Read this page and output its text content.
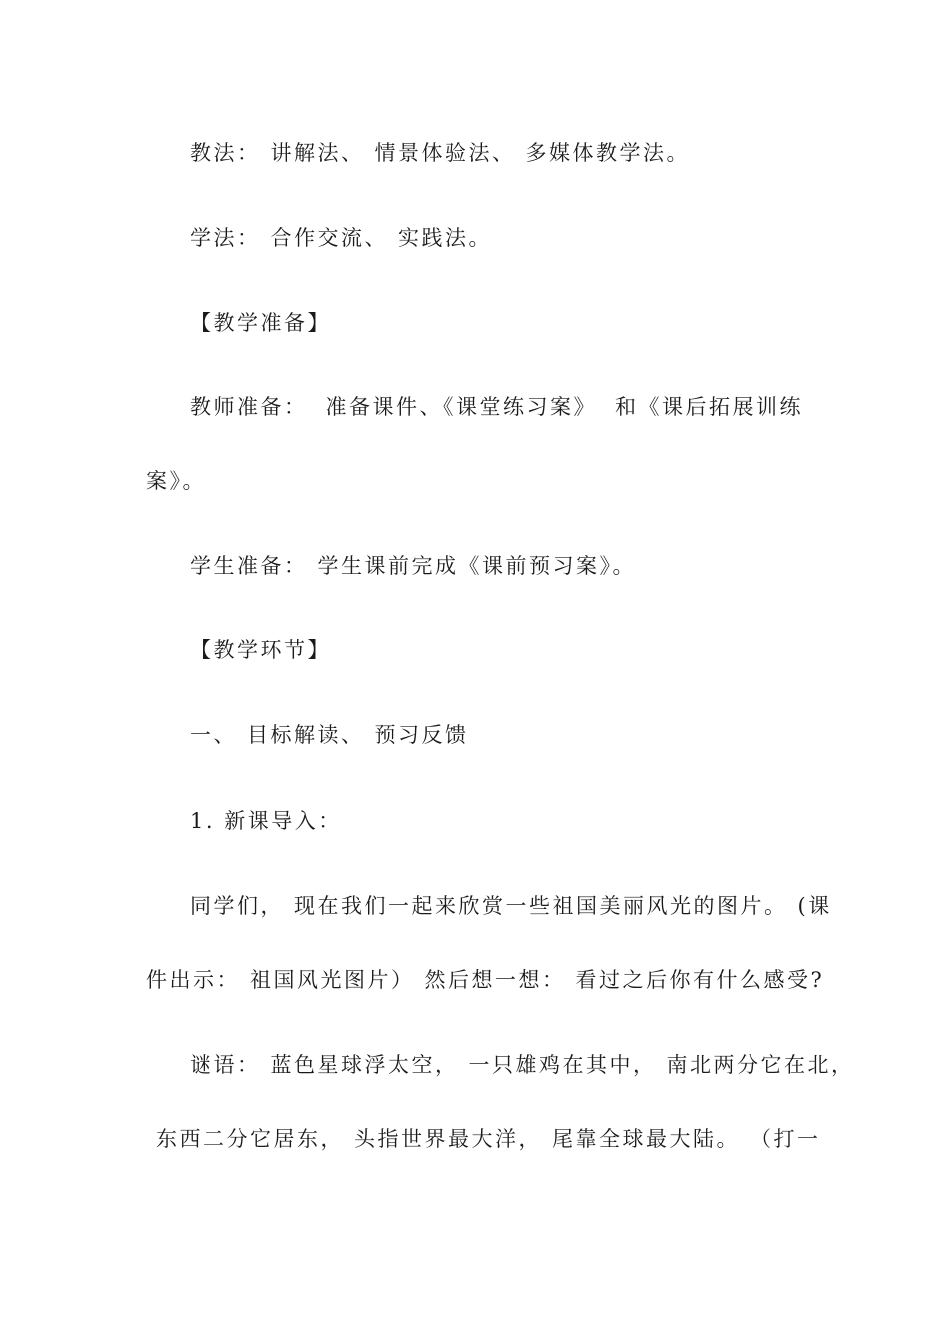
教法： 讲解法、 情景体验法、 多媒体教学法。
学法： 合作交流、 实践法。
【教学准备】
教师准备： 准备课件、《课堂练习案》 和《课后拓展训练
案》。
学生准备： 学生课前完成《课前预习案》。
【教学环节】
一、 目标解读、 预习反馈
1. 新课导入：
同学们， 现在我们一起来欣赏一些祖国美丽风光的图片。 (课
件出示： 祖国风光图片） 然后想一想： 看过之后你有什么感受?
谜语： 蓝色星球浮太空， 一只雄鸡在其中， 南北两分它在北，
东西二分它居东， 头指世界最大洋， 尾靠全球最大陆。 （打一
